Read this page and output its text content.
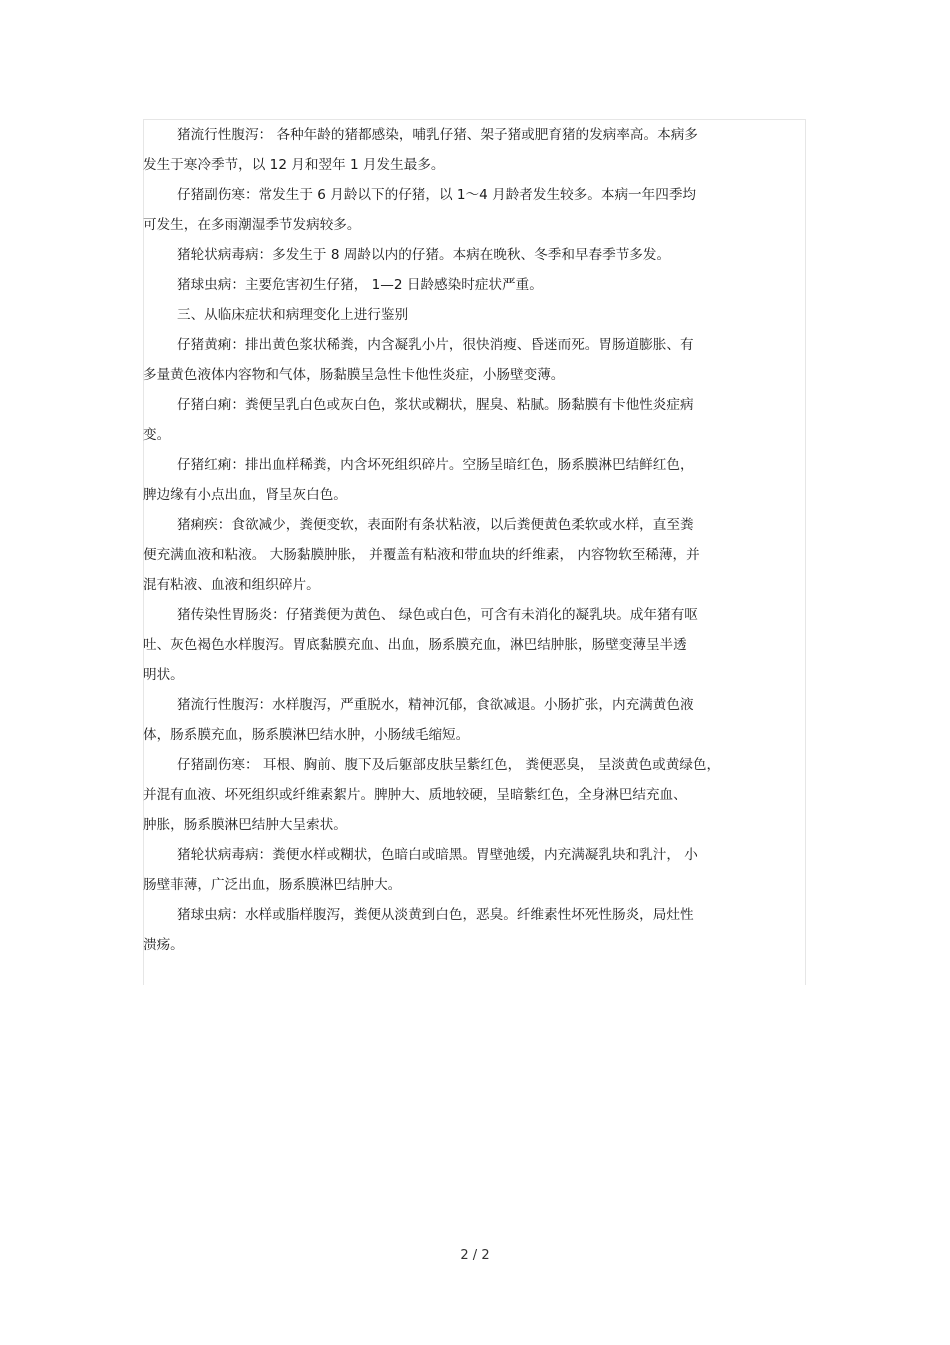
猪流行性腹泻： 各种年龄的猪都感染，哺乳仔猪、架子猪或肥育猪的发病率高。本病多
发生于寒冷季节，以 12 月和翌年 1 月发生最多。
仔猪副伤寒：常发生于 6 月龄以下的仔猪，以 1～4 月龄者发生较多。本病一年四季均
可发生，在多雨潮湿季节发病较多。
猪轮状病毒病：多发生于 8 周龄以内的仔猪。本病在晚秋、冬季和早春季节多发。
猪球虫病：主要危害初生仔猪， 1—2 日龄感染时症状严重。
三、从临床症状和病理变化上进行鉴别
仔猪黄痢：排出黄色浆状稀粪，内含凝乳小片，很快消瘦、昏迷而死。胃肠道膨胀、有
多量黄色液体内容物和气体，肠黏膜呈急性卡他性炎症，小肠壁变薄。
仔猪白痢：粪便呈乳白色或灰白色，浆状或糊状，腥臭、粘腻。肠黏膜有卡他性炎症病
变。
仔猪红痢：排出血样稀粪，内含坏死组织碎片。空肠呈暗红色，肠系膜淋巴结鲜红色，
脾边缘有小点出血，肾呈灰白色。
猪痢疾：食欲减少，粪便变软，表面附有条状粘液，以后粪便黄色柔软或水样，直至粪
便充满血液和粘液。 大肠黏膜肿胀， 并覆盖有粘液和带血块的纤维素， 内容物软至稀薄，并
混有粘液、血液和组织碎片。
猪传染性胃肠炎：仔猪粪便为黄色、 绿色或白色，可含有未消化的凝乳块。成年猪有呕
吐、灰色褐色水样腹泻。胃底黏膜充血、出血，肠系膜充血，淋巴结肿胀，肠壁变薄呈半透
明状。
猪流行性腹泻：水样腹泻，严重脱水，精神沉郁，食欲减退。小肠扩张，内充满黄色液
体，肠系膜充血，肠系膜淋巴结水肿，小肠绒毛缩短。
仔猪副伤寒： 耳根、胸前、腹下及后躯部皮肤呈紫红色， 粪便恶臭， 呈淡黄色或黄绿色，
并混有血液、坏死组织或纤维素絮片。脾肿大、质地较硬，呈暗紫红色，全身淋巴结充血、
肿胀，肠系膜淋巴结肿大呈索状。
猪轮状病毒病：粪便水样或糊状，色暗白或暗黑。胃壁弛缓，内充满凝乳块和乳汁， 小
肠壁菲薄，广泛出血，肠系膜淋巴结肿大。
猪球虫病：水样或脂样腹泻，粪便从淡黄到白色，恶臭。纤维素性坏死性肠炎，局灶性
溃疡。
2 / 2
